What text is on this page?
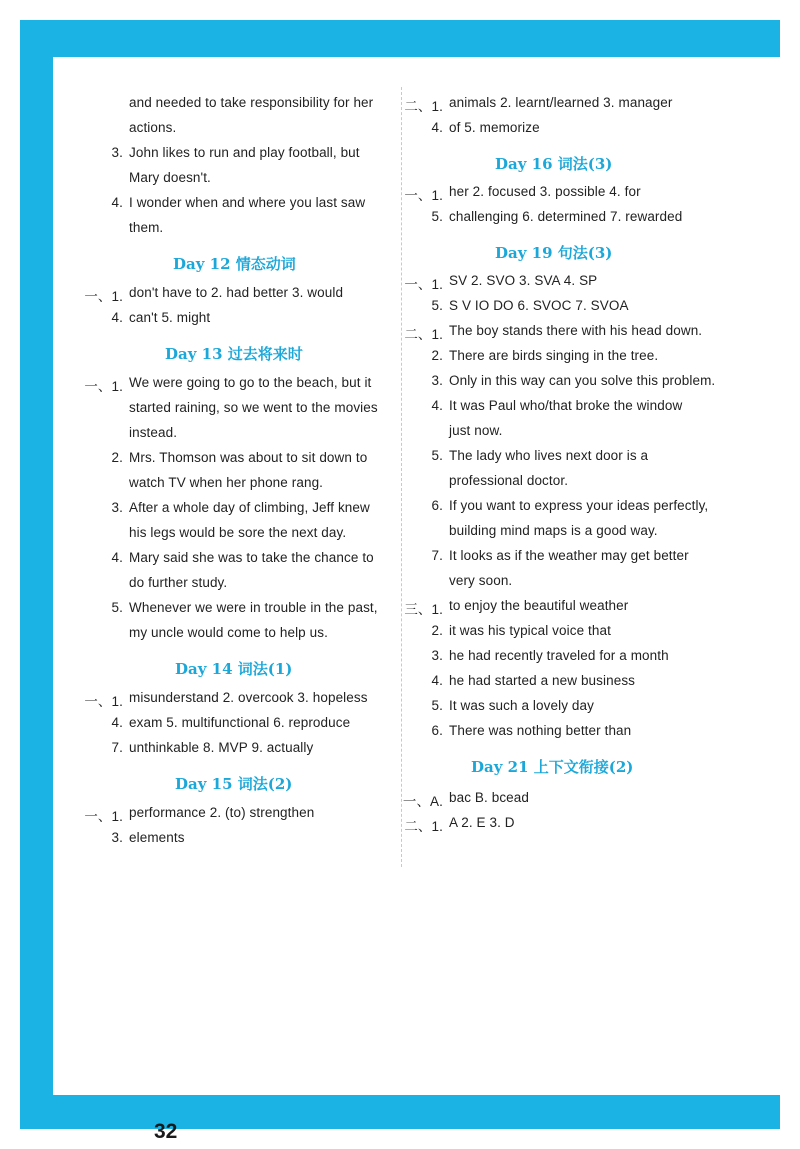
and needed to take responsibility for her
actions.
3. John likes to run and play football, but
Mary doesn't.
4. I wonder when and where you last saw
them.
Day 12 情态动词
一、1. don't have to 2. had better 3. would
4. can't 5. might
Day 13 过去将来时
一、1. We were going to go to the beach, but it
started raining, so we went to the movies
instead.
2. Mrs. Thomson was about to sit down to
watch TV when her phone rang.
3. After a whole day of climbing, Jeff knew
his legs would be sore the next day.
4. Mary said she was to take the chance to
do further study.
5. Whenever we were in trouble in the past,
my uncle would come to help us.
Day 14 词法(1)
一、1. misunderstand 2. overcook 3. hopeless
4. exam 5. multifunctional 6. reproduce
7. unthinkable 8. MVP 9. actually
Day 15 词法(2)
一、1. performance 2. (to) strengthen
3. elements
二、1. animals 2. learnt/learned 3. manager
4. of 5. memorize
Day 16 词法(3)
一、1. her 2. focused 3. possible 4. for
5. challenging 6. determined 7. rewarded
Day 19 句法(3)
一、1. SV 2. SVO 3. SVA 4. SP
5. S V IO DO 6. SVOC 7. SVOA
二、1. The boy stands there with his head down.
2. There are birds singing in the tree.
3. Only in this way can you solve this problem.
4. It was Paul who/that broke the window
just now.
5. The lady who lives next door is a
professional doctor.
6. If you want to express your ideas perfectly,
building mind maps is a good way.
7. It looks as if the weather may get better
very soon.
三、1. to enjoy the beautiful weather
2. it was his typical voice that
3. he had recently traveled for a month
4. he had started a new business
5. It was such a lovely day
6. There was nothing better than
Day 21 上下文衔接(2)
一、A. bac B. bcead
二、1. A 2. E 3. D
32
